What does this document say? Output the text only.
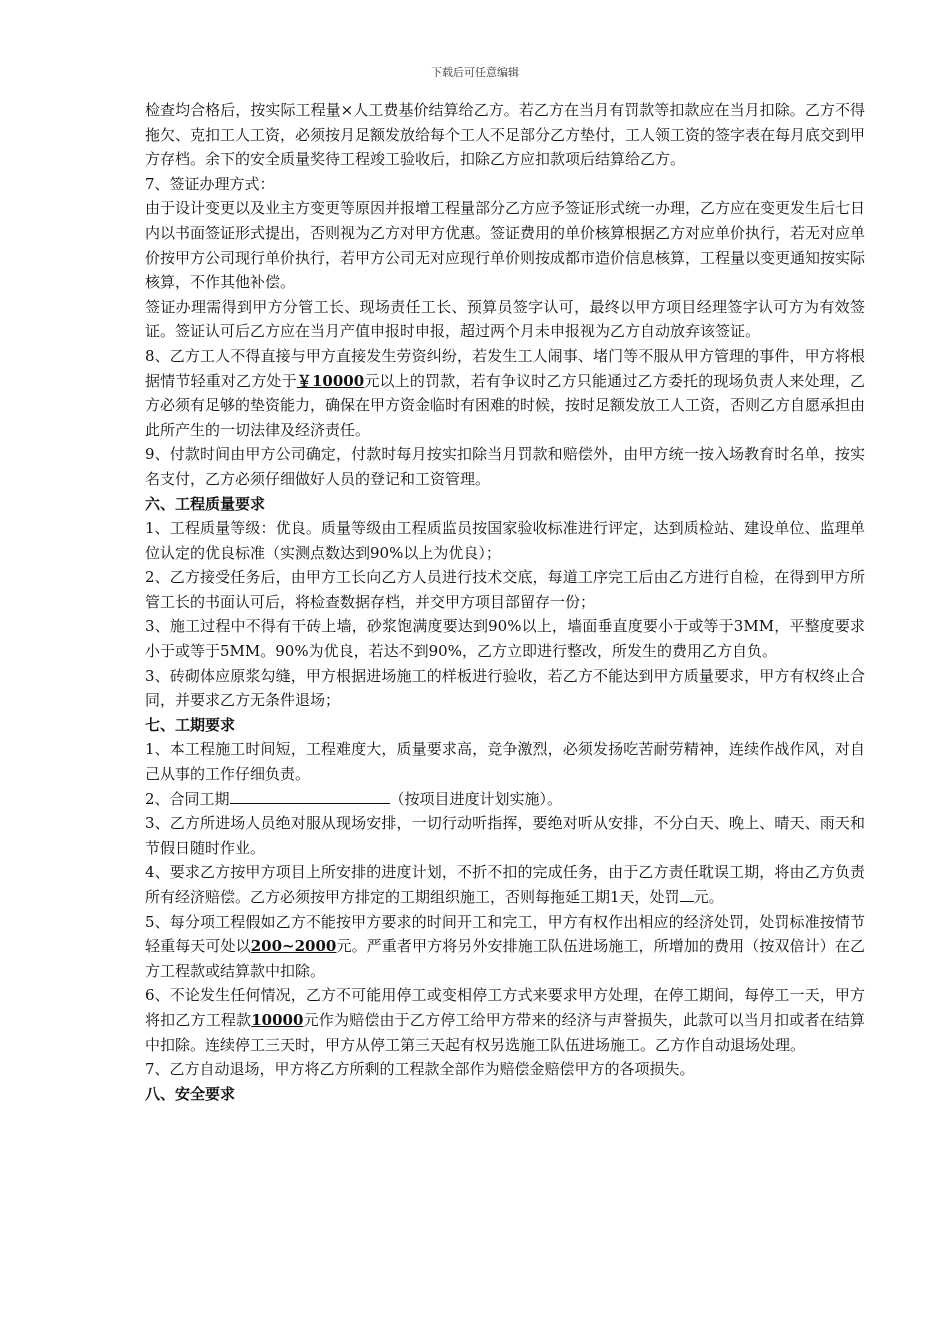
下载后可任意编辑

检查均合格后，按实际工程量×人工费基价结算给乙方。若乙方在当月有罚款等扣款应在当月扣除。乙方不得拖欠、克扣工人工资，必须按月足额发放给每个工人不足部分乙方垫付，工人领工资的签字表在每月底交到甲方存档。余下的安全质量奖待工程竣工验收后，扣除乙方应扣款项后结算给乙方。

7、签证办理方式：

由于设计变更以及业主方变更等原因并报增工程量部分乙方应予签证形式统一办理，乙方应在变更发生后七日内以书面签证形式提出，否则视为乙方对甲方优惠。签证费用的单价核算根据乙方对应单价执行，若无对应单价按甲方公司现行单价执行，若甲方公司无对应现行单价则按成都市造价信息核算，工程量以变更通知按实际核算，不作其他补偿。

签证办理需得到甲方分管工长、现场责任工长、预算员签字认可，最终以甲方项目经理签字认可方为有效签证。签证认可后乙方应在当月产值申报时申报，超过两个月未申报视为乙方自动放弃该签证。

8、乙方工人不得直接与甲方直接发生劳资纠纷，若发生工人闹事、堵门等不服从甲方管理的事件，甲方将根据情节轻重对乙方处于￥10000元以上的罚款，若有争议时乙方只能通过乙方委托的现场负责人来处理，乙方必须有足够的垫资能力，确保在甲方资金临时有困难的时候，按时足额发放工人工资，否则乙方自愿承担由此所产生的一切法律及经济责任。

9、付款时间由甲方公司确定，付款时每月按实扣除当月罚款和赔偿外，由甲方统一按入场教育时名单，按实名支付，乙方必须仔细做好人员的登记和工资管理。

六、工程质量要求

1、工程质量等级：优良。质量等级由工程质监员按国家验收标准进行评定，达到质检站、建设单位、监理单位认定的优良标准（实测点数达到90%以上为优良）；

2、乙方接受任务后，由甲方工长向乙方人员进行技术交底，每道工序完工后由乙方进行自检，在得到甲方所管工长的书面认可后，将检查数据存档，并交甲方项目部留存一份；

3、施工过程中不得有干砖上墙，砂浆饱满度要达到90%以上，墙面垂直度要小于或等于3MM，平整度要求小于或等于5MM。90%为优良，若达不到90%，乙方立即进行整改，所发生的费用乙方自负。

3、砖砌体应原浆勾缝，甲方根据进场施工的样板进行验收，若乙方不能达到甲方质量要求，甲方有权终止合同，并要求乙方无条件退场；

七、工期要求

1、本工程施工时间短，工程难度大，质量要求高，竞争激烈，必须发扬吃苦耐劳精神，连续作战作风，对自己从事的工作仔细负责。

2、合同工期	（按项目进度计划实施）。

3、乙方所进场人员绝对服从现场安排，一切行动听指挥，要绝对听从安排，不分白天、晚上、晴天、雨天和节假日随时作业。

4、要求乙方按甲方项目上所安排的进度计划，不折不扣的完成任务，由于乙方责任耽误工期，将由乙方负责所有经济赔偿。乙方必须按甲方排定的工期组织施工，否则每拖延工期1天，处罚 元。

5、每分项工程假如乙方不能按甲方要求的时间开工和完工，甲方有权作出相应的经济处罚，处罚标准按情节轻重每天可处以200~2000元。严重者甲方将另外安排施工队伍进场施工，所增加的费用（按双倍计）在乙方工程款或结算款中扣除。

6、不论发生任何情况，乙方不可能用停工或变相停工方式来要求甲方处理，在停工期间，每停工一天，甲方将扣乙方工程款10000元作为赔偿由于乙方停工给甲方带来的经济与声誉损失，此款可以当月扣或者在结算中扣除。连续停工三天时，甲方从停工第三天起有权另选施工队伍进场施工。乙方作自动退场处理。

7、乙方自动退场，甲方将乙方所剩的工程款全部作为赔偿金赔偿甲方的各项损失。

八、安全要求
